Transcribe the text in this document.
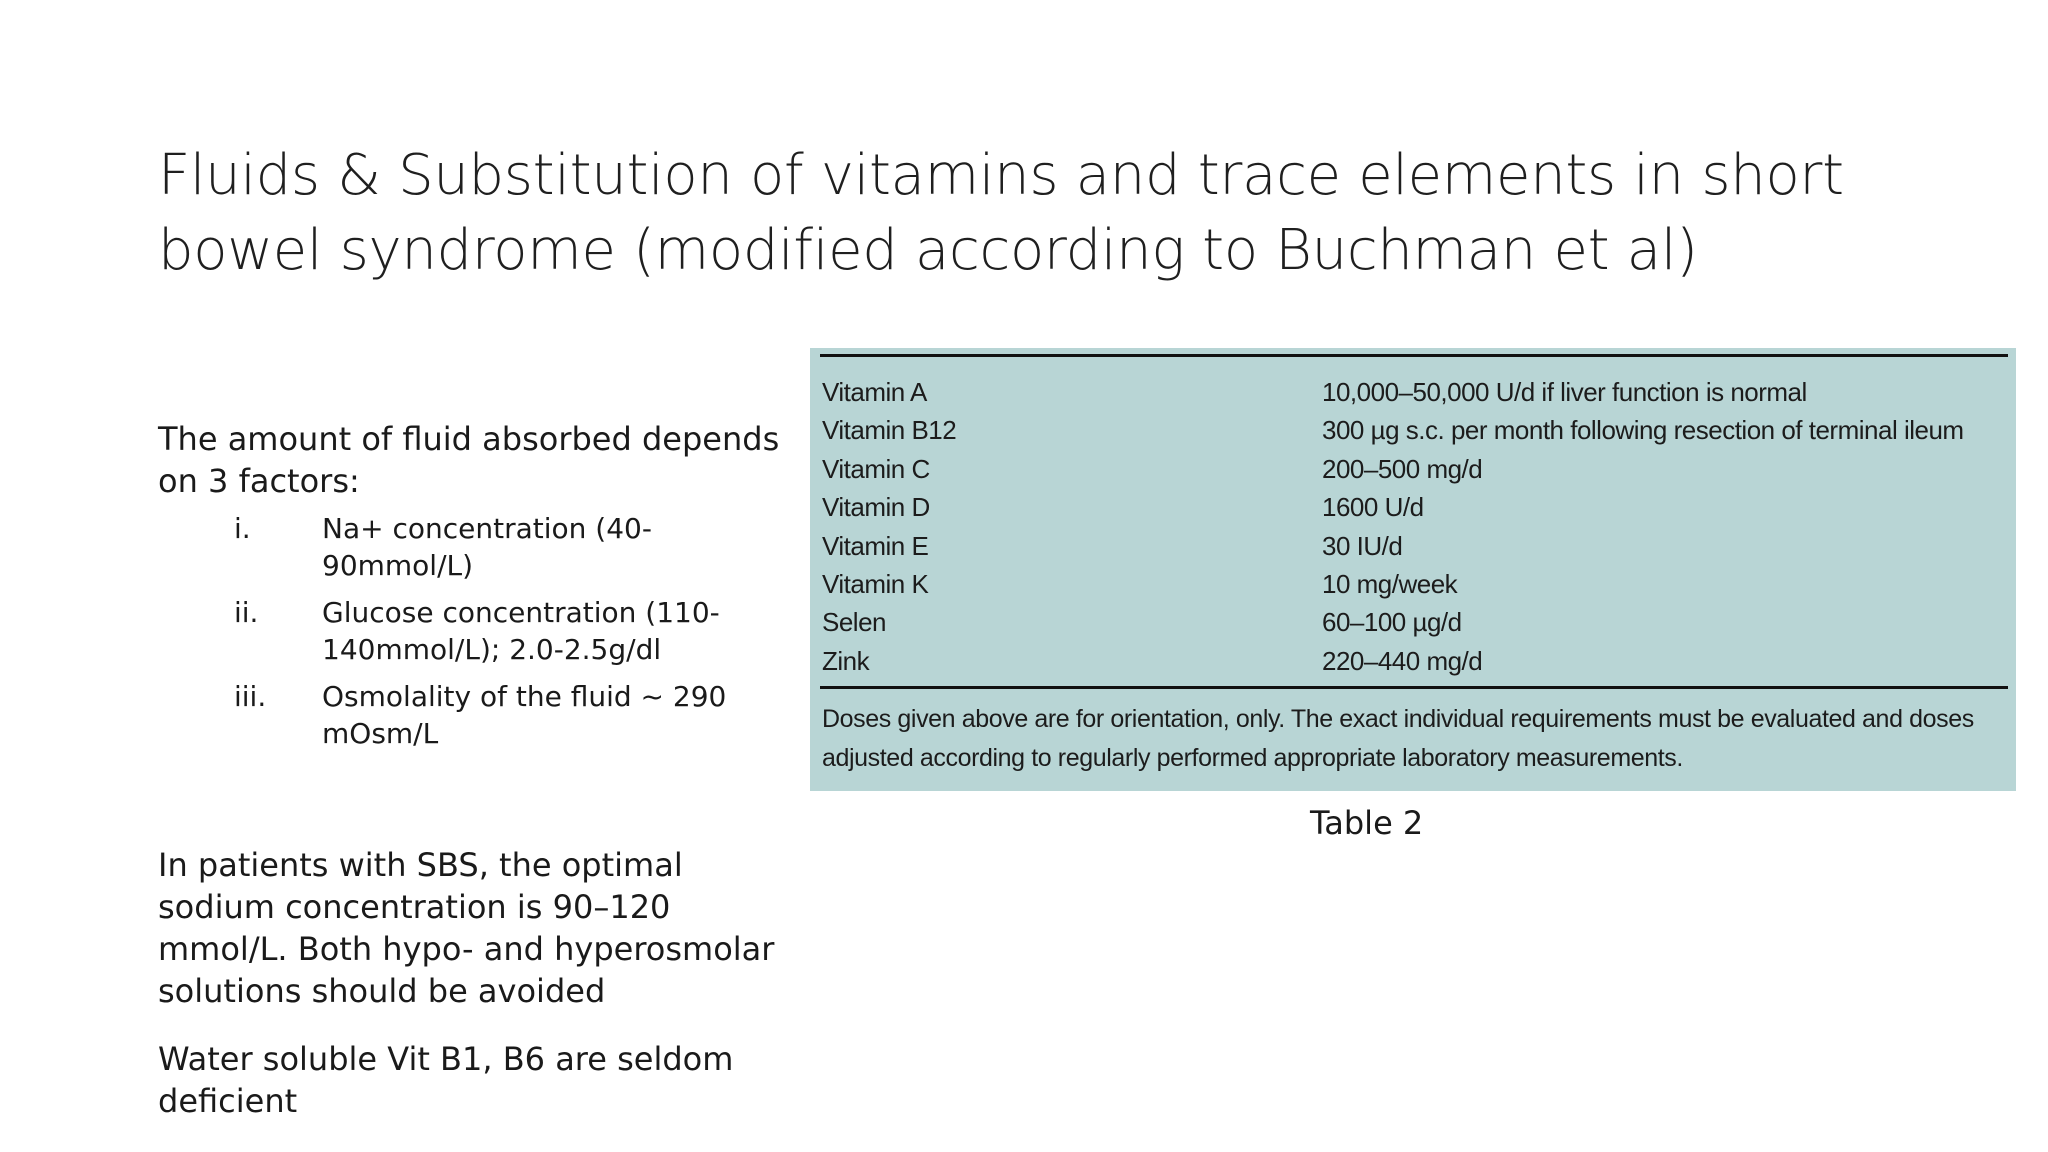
Fluids & Substitution of vitamins and trace elements in short bowel syndrome (modified according to Buchman et al)

The amount of fluid absorbed depends on 3 factors:

i.	Na+ concentration (40-90mmol/L)
ii. Glucose concentration (110-140mmol/L); 2.0-2.5g/dl
iii. Osmolality of the fluid ~ 290 mOsm/L

In patients with SBS, the optimal sodium concentration is 90–120 mmol/L. Both hypo- and hyperosmolar solutions should be avoided

Water soluble Vit B1, B6 are seldom deficient

Vitamin A	10,000–50,000 U/d if liver function is normal
Vitamin B12	300 µg s.c. per month following resection of terminal ileum
Vitamin C	200–500 mg/d
Vitamin D	1600 U/d
Vitamin E	30 IU/d
Vitamin K	10 mg/week
Selen	60–100 µg/d
Zink	220–440 mg/d
Doses given above are for orientation, only. The exact individual requirements must be evaluated and doses adjusted according to regularly performed appropriate laboratory measurements.
Table 2
